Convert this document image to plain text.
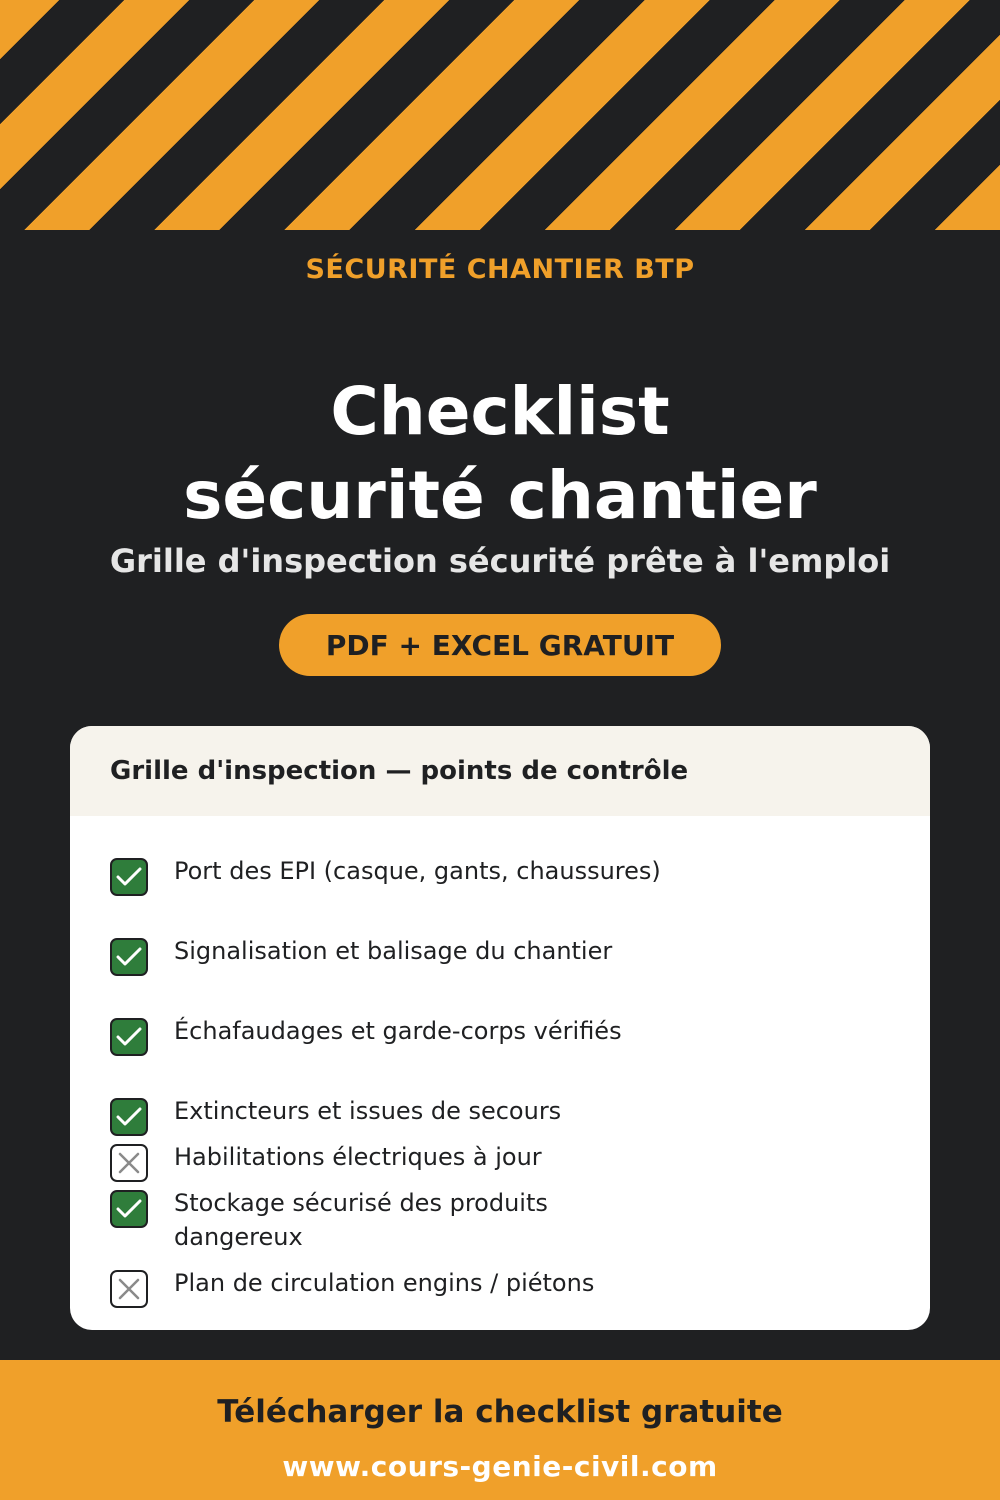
SÉCURITÉ CHANTIER BTP
Checklist
sécurité chantier
Grille d'inspection sécurité prête à l'emploi
PDF + EXCEL GRATUIT
Grille d'inspection — points de contrôle
Port des EPI (casque, gants, chaussures)
Signalisation et balisage du chantier
Échafaudages et garde-corps vérifiés
Extincteurs et issues de secours
Habilitations électriques à jour
Stockage sécurisé des produits dangereux
Plan de circulation engins / piétons
Télécharger la checklist gratuite
www.cours-genie-civil.com
